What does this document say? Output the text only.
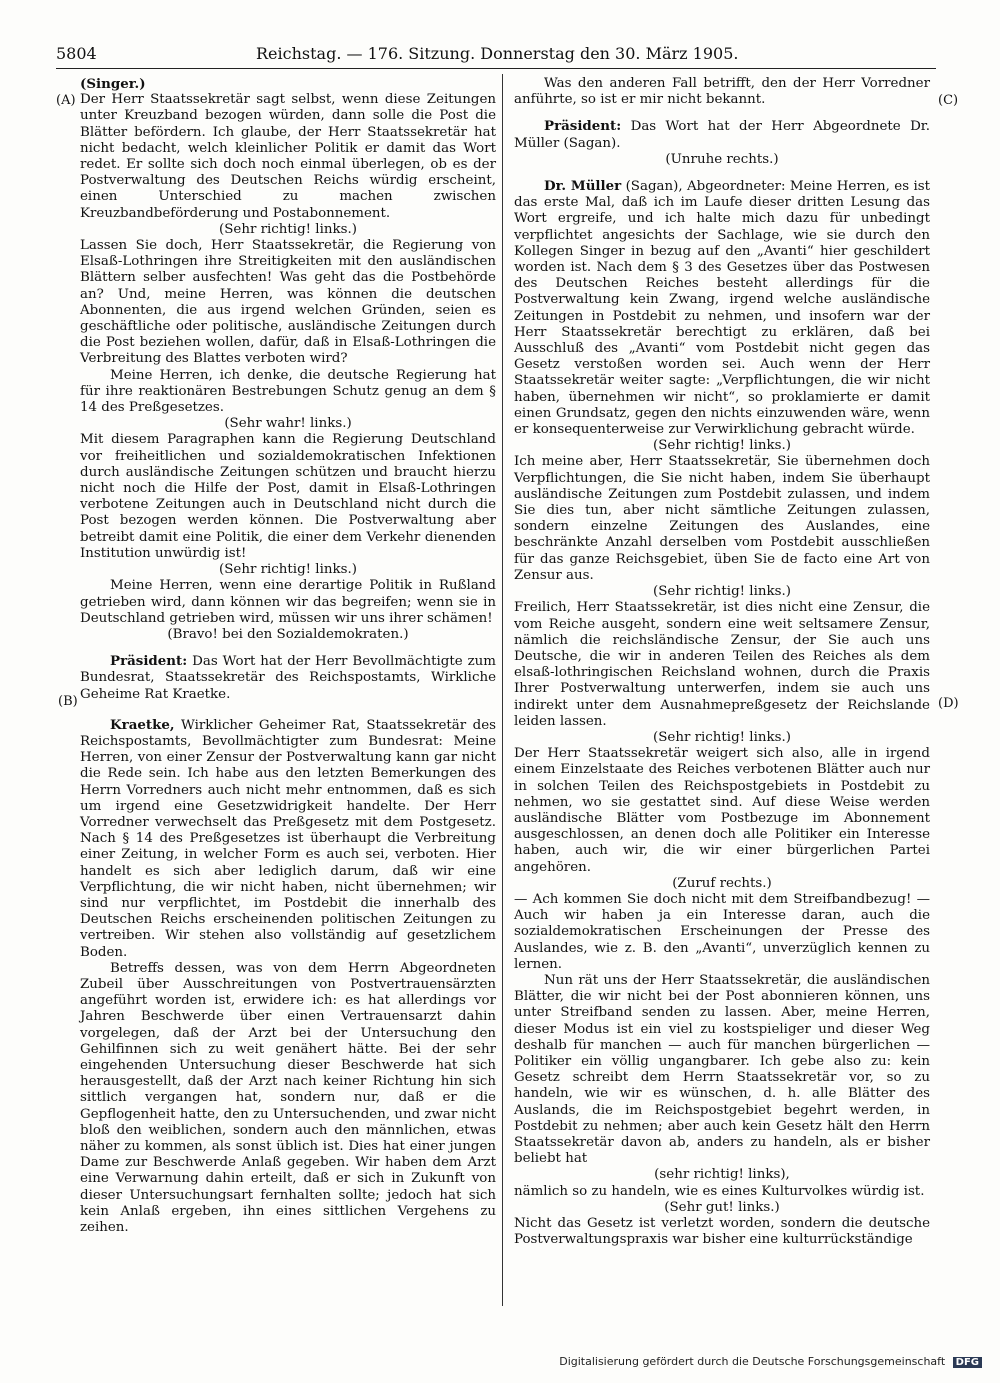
5804	Reichstag. — 176. Sitzung. Donnerstag den 30. März 1905.
(A)
(B)
(C)
(D)

(Singer.)

Der Herr Staatssekretär sagt selbst, wenn diese Zeitungen unter Kreuzband bezogen würden, dann solle die Post die Blätter befördern. Ich glaube, der Herr Staatssekretär hat nicht bedacht, welch kleinlicher Politik er damit das Wort redet. Er sollte sich doch noch einmal überlegen, ob es der Postverwaltung des Deutschen Reichs würdig erscheint, einen Unterschied zu machen zwischen Kreuzbandbeförderung und Postabonnement.

(Sehr richtig! links.)

Lassen Sie doch, Herr Staatssekretär, die Regierung von Elsaß-Lothringen ihre Streitigkeiten mit den ausländischen Blättern selber ausfechten! Was geht das die Postbehörde an? Und, meine Herren, was können die deutschen Abonnenten, die aus irgend welchen Gründen, seien es geschäftliche oder politische, ausländische Zeitungen durch die Post beziehen wollen, dafür, daß in Elsaß-Lothringen die Verbreitung des Blattes verboten wird?

Meine Herren, ich denke, die deutsche Regierung hat für ihre reaktionären Bestrebungen Schutz genug an dem § 14 des Preßgesetzes.

(Sehr wahr! links.)

Mit diesem Paragraphen kann die Regierung Deutschland vor freiheitlichen und sozialdemokratischen Infektionen durch ausländische Zeitungen schützen und braucht hierzu nicht noch die Hilfe der Post, damit in Elsaß-Lothringen verbotene Zeitungen auch in Deutschland nicht durch die Post bezogen werden können. Die Postverwaltung aber betreibt damit eine Politik, die einer dem Verkehr dienenden Institution unwürdig ist!

(Sehr richtig! links.)

Meine Herren, wenn eine derartige Politik in Rußland getrieben wird, dann können wir das begreifen; wenn sie in Deutschland getrieben wird, müssen wir uns ihrer schämen!

(Bravo! bei den Sozialdemokraten.)

Präsident: Das Wort hat der Herr Bevollmächtigte zum Bundesrat, Staatssekretär des Reichspostamts, Wirkliche Geheime Rat Kraetke.

Kraetke, Wirklicher Geheimer Rat, Staatssekretär des Reichspostamts, Bevollmächtigter zum Bundesrat: Meine Herren, von einer Zensur der Postverwaltung kann gar nicht die Rede sein. Ich habe aus den letzten Bemerkungen des Herrn Vorredners auch nicht mehr entnommen, daß es sich um irgend eine Gesetzwidrigkeit handelte. Der Herr Vorredner verwechselt das Preßgesetz mit dem Postgesetz. Nach § 14 des Preßgesetzes ist überhaupt die Verbreitung einer Zeitung, in welcher Form es auch sei, verboten. Hier handelt es sich aber lediglich darum, daß wir eine Verpflichtung, die wir nicht haben, nicht übernehmen; wir sind nur verpflichtet, im Postdebit die innerhalb des Deutschen Reichs erscheinenden politischen Zeitungen zu vertreiben. Wir stehen also vollständig auf gesetzlichem Boden.

Betreffs dessen, was von dem Herrn Abgeordneten Zubeil über Ausschreitungen von Postvertrauensärzten angeführt worden ist, erwidere ich: es hat allerdings vor Jahren Beschwerde über einen Vertrauensarzt dahin vorgelegen, daß der Arzt bei der Untersuchung den Gehilfinnen sich zu weit genähert hätte. Bei der sehr eingehenden Untersuchung dieser Beschwerde hat sich herausgestellt, daß der Arzt nach keiner Richtung hin sich sittlich vergangen hat, sondern nur, daß er die Gepflogenheit hatte, den zu Untersuchenden, und zwar nicht bloß den weiblichen, sondern auch den männlichen, etwas näher zu kommen, als sonst üblich ist. Dies hat einer jungen Dame zur Beschwerde Anlaß gegeben. Wir haben dem Arzt eine Verwarnung dahin erteilt, daß er sich in Zukunft von dieser Untersuchungsart fernhalten sollte; jedoch hat sich kein Anlaß ergeben, ihn eines sittlichen Vergehens zu zeihen.

Was den anderen Fall betrifft, den der Herr Vorredner anführte, so ist er mir nicht bekannt.

Präsident: Das Wort hat der Herr Abgeordnete Dr. Müller (Sagan).

(Unruhe rechts.)

Dr. Müller (Sagan), Abgeordneter: Meine Herren, es ist das erste Mal, daß ich im Laufe dieser dritten Lesung das Wort ergreife, und ich halte mich dazu für unbedingt verpflichtet angesichts der Sachlage, wie sie durch den Kollegen Singer in bezug auf den „Avanti“ hier geschildert worden ist. Nach dem § 3 des Gesetzes über das Postwesen des Deutschen Reiches besteht allerdings für die Postverwaltung kein Zwang, irgend welche ausländische Zeitungen in Postdebit zu nehmen, und insofern war der Herr Staatssekretär berechtigt zu erklären, daß bei Ausschluß des „Avanti“ vom Postdebit nicht gegen das Gesetz verstoßen worden sei. Auch wenn der Herr Staatssekretär weiter sagte: „Verpflichtungen, die wir nicht haben, übernehmen wir nicht“, so proklamierte er damit einen Grundsatz, gegen den nichts einzuwenden wäre, wenn er konsequenterweise zur Verwirklichung gebracht würde.

(Sehr richtig! links.)

Ich meine aber, Herr Staatssekretär, Sie übernehmen doch Verpflichtungen, die Sie nicht haben, indem Sie überhaupt ausländische Zeitungen zum Postdebit zulassen, und indem Sie dies tun, aber nicht sämtliche Zeitungen zulassen, sondern einzelne Zeitungen des Auslandes, eine beschränkte Anzahl derselben vom Postdebit ausschließen für das ganze Reichsgebiet, üben Sie de facto eine Art von Zensur aus.

(Sehr richtig! links.)

Freilich, Herr Staatssekretär, ist dies nicht eine Zensur, die vom Reiche ausgeht, sondern eine weit seltsamere Zensur, nämlich die reichsländische Zensur, der Sie auch uns Deutsche, die wir in anderen Teilen des Reiches als dem elsaß-lothringischen Reichsland wohnen, durch die Praxis Ihrer Postverwaltung unterwerfen, indem sie auch uns indirekt unter dem Ausnahmepreßgesetz der Reichslande leiden lassen.

(Sehr richtig! links.)

Der Herr Staatssekretär weigert sich also, alle in irgend einem Einzelstaate des Reiches verbotenen Blätter auch nur in solchen Teilen des Reichspostgebiets in Postdebit zu nehmen, wo sie gestattet sind. Auf diese Weise werden ausländische Blätter vom Postbezuge im Abonnement ausgeschlossen, an denen doch alle Politiker ein Interesse haben, auch wir, die wir einer bürgerlichen Partei angehören.

(Zuruf rechts.)

— Ach kommen Sie doch nicht mit dem Streifbandbezug! — Auch wir haben ja ein Interesse daran, auch die sozialdemokratischen Erscheinungen der Presse des Auslandes, wie z. B. den „Avanti“, unverzüglich kennen zu lernen.

Nun rät uns der Herr Staatssekretär, die ausländischen Blätter, die wir nicht bei der Post abonnieren können, uns unter Streifband senden zu lassen. Aber, meine Herren, dieser Modus ist ein viel zu kostspieliger und dieser Weg deshalb für manchen — auch für manchen bürgerlichen — Politiker ein völlig ungangbarer. Ich gebe also zu: kein Gesetz schreibt dem Herrn Staatssekretär vor, so zu handeln, wie wir es wünschen, d. h. alle Blätter des Auslands, die im Reichspostgebiet begehrt werden, in Postdebit zu nehmen; aber auch kein Gesetz hält den Herrn Staatssekretär davon ab, anders zu handeln, als er bisher beliebt hat

(sehr richtig! links),

nämlich so zu handeln, wie es eines Kulturvolkes würdig ist.

(Sehr gut! links.)

Nicht das Gesetz ist verletzt worden, sondern die deutsche Postverwaltungspraxis war bisher eine kulturrückständige

Digitalisierung gefördert durch die Deutsche Forschungsgemeinschaft DFG
